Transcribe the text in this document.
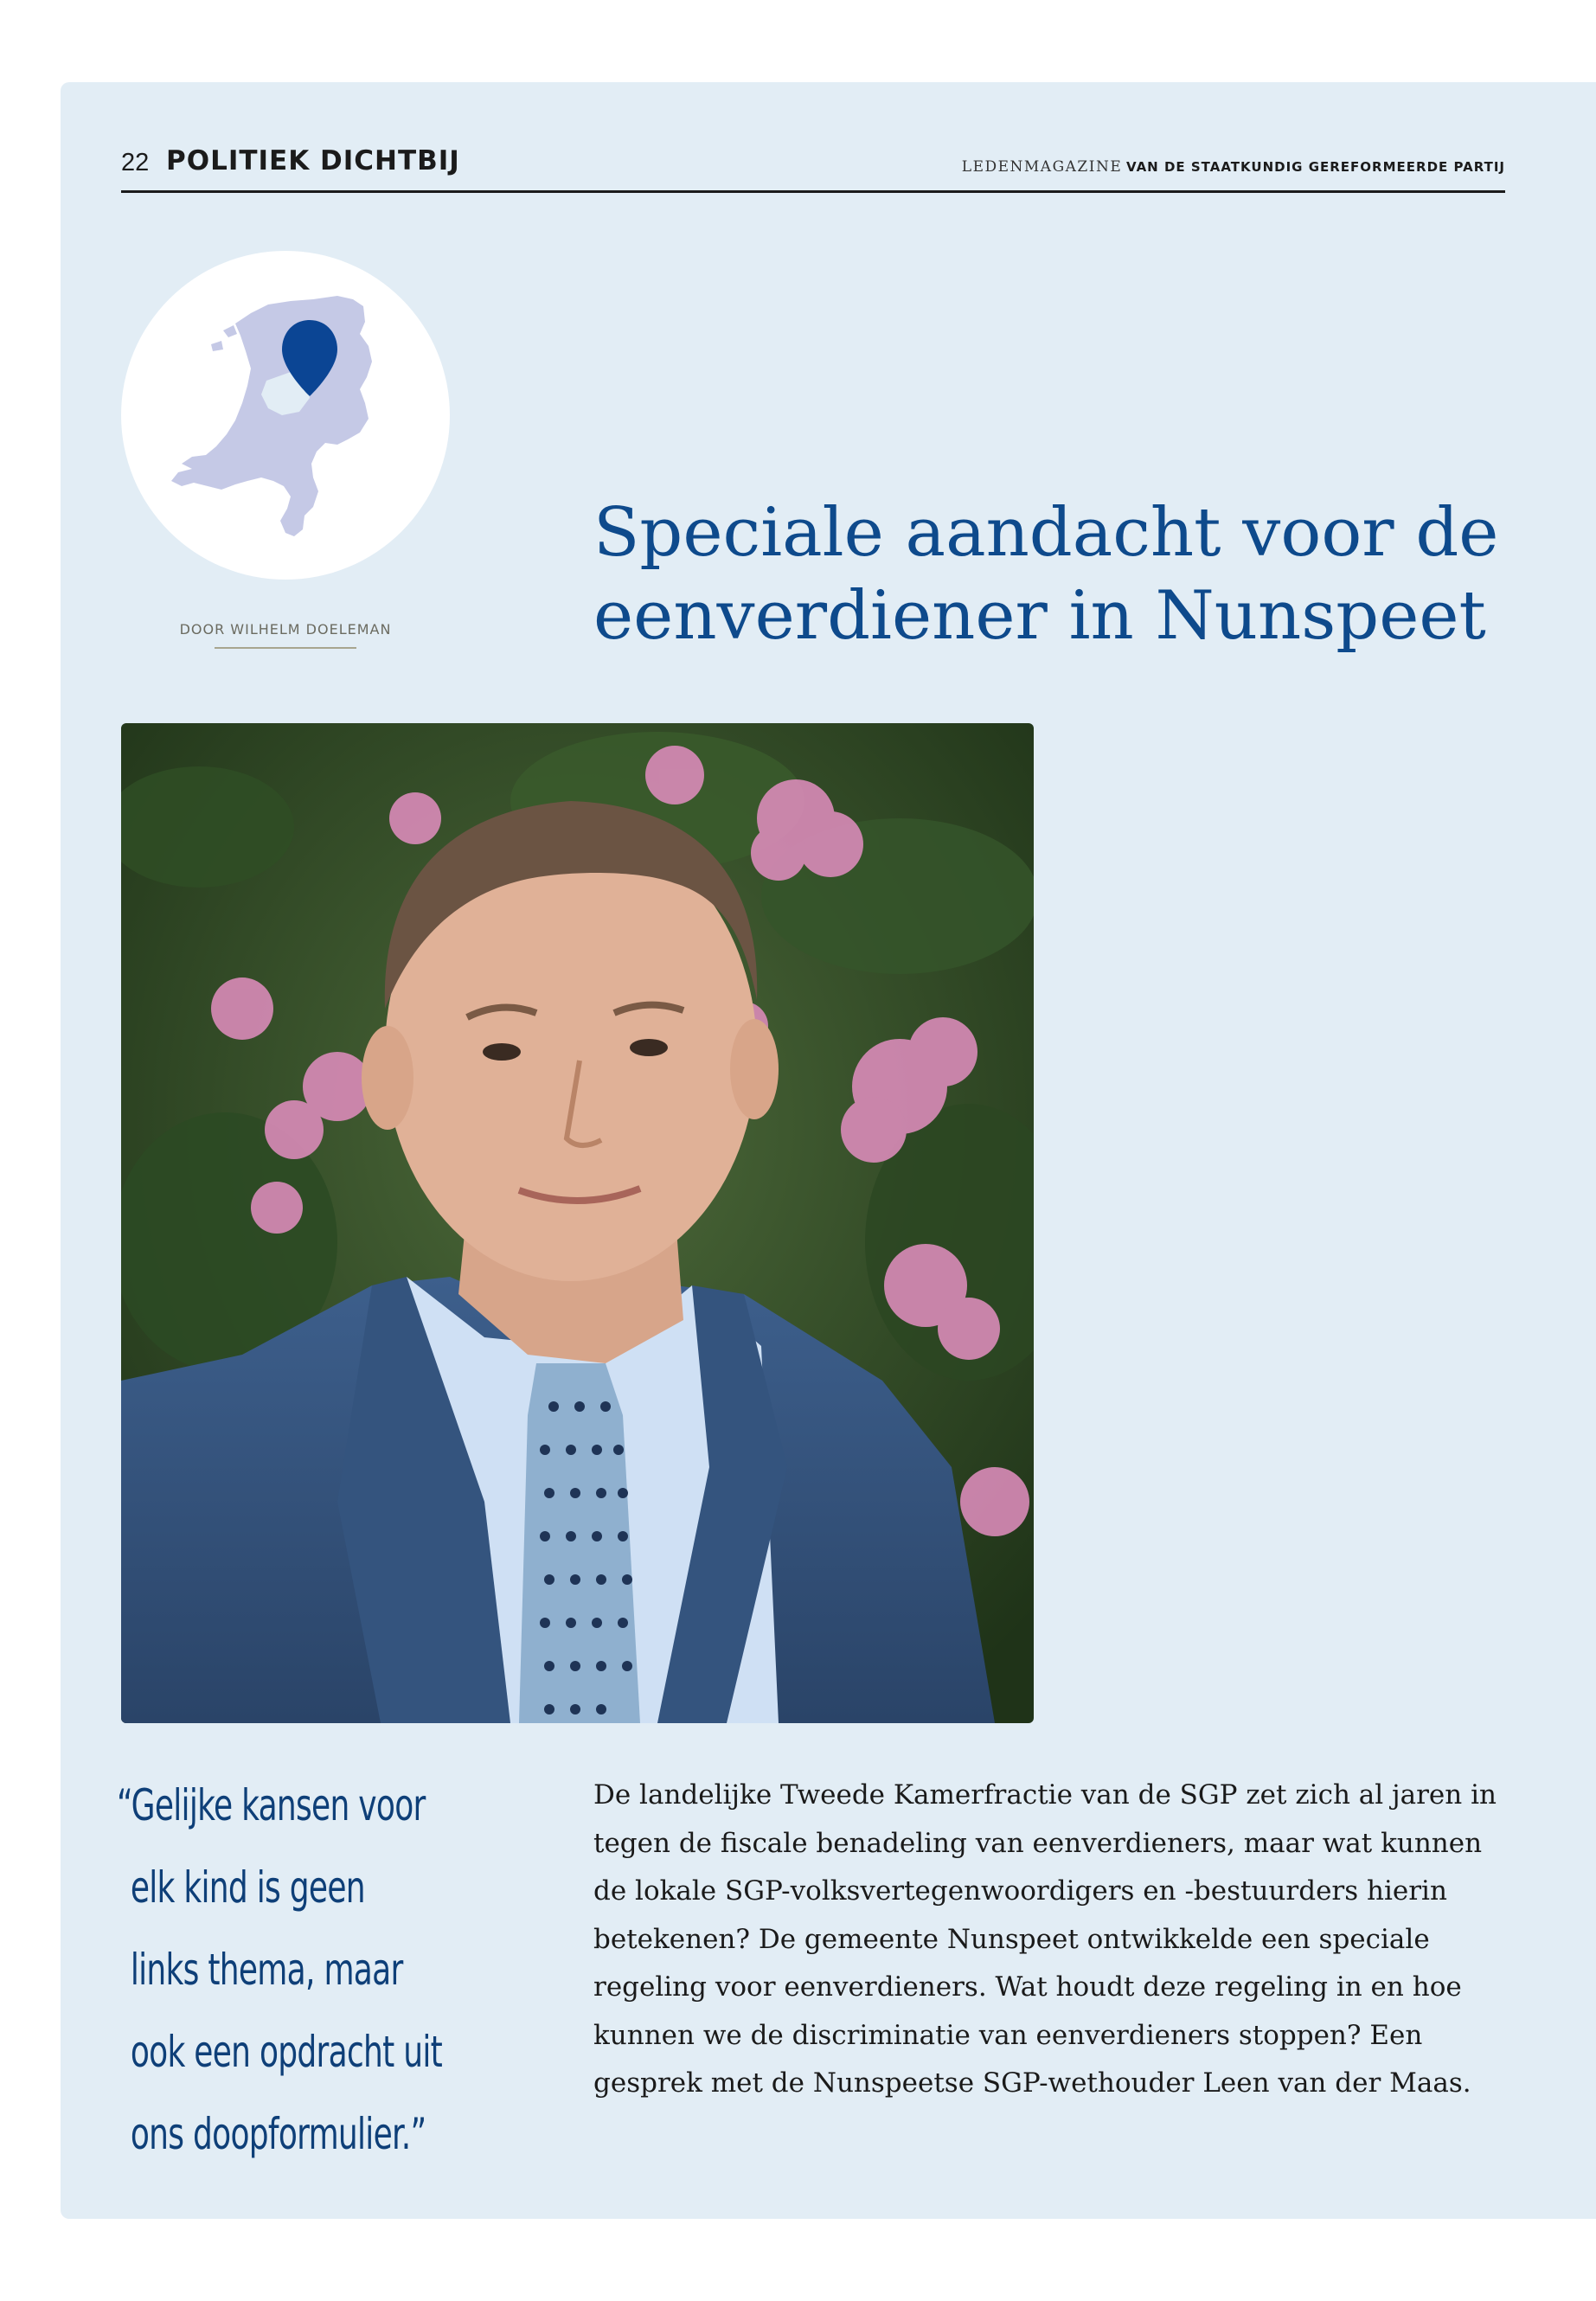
22 POLITIEK DICHTBIJ	LEDENMAGAZINE VAN DE STAATKUNDIG GEREFORMEERDE PARTIJ
DOOR WILHELM DOELEMAN
Speciale aandacht voor de
eenverdiener in Nunspeet
“Gelijke kansen voor
elk kind is geen
links thema, maar
ook een opdracht uit
ons doopformulier.”

De landelijke Tweede Kamerfractie van de SGP zet zich al jaren in tegen de fiscale benadeling van eenverdieners, maar wat kunnen de lokale SGP-volksvertegenwoordigers en -bestuurders hierin betekenen? De gemeente Nunspeet ontwikkelde een speciale regeling voor eenverdieners. Wat houdt deze regeling in en hoe kunnen we de discriminatie van eenverdieners stoppen? Een gesprek met de Nunspeetse SGP-wethouder Leen van der Maas.
